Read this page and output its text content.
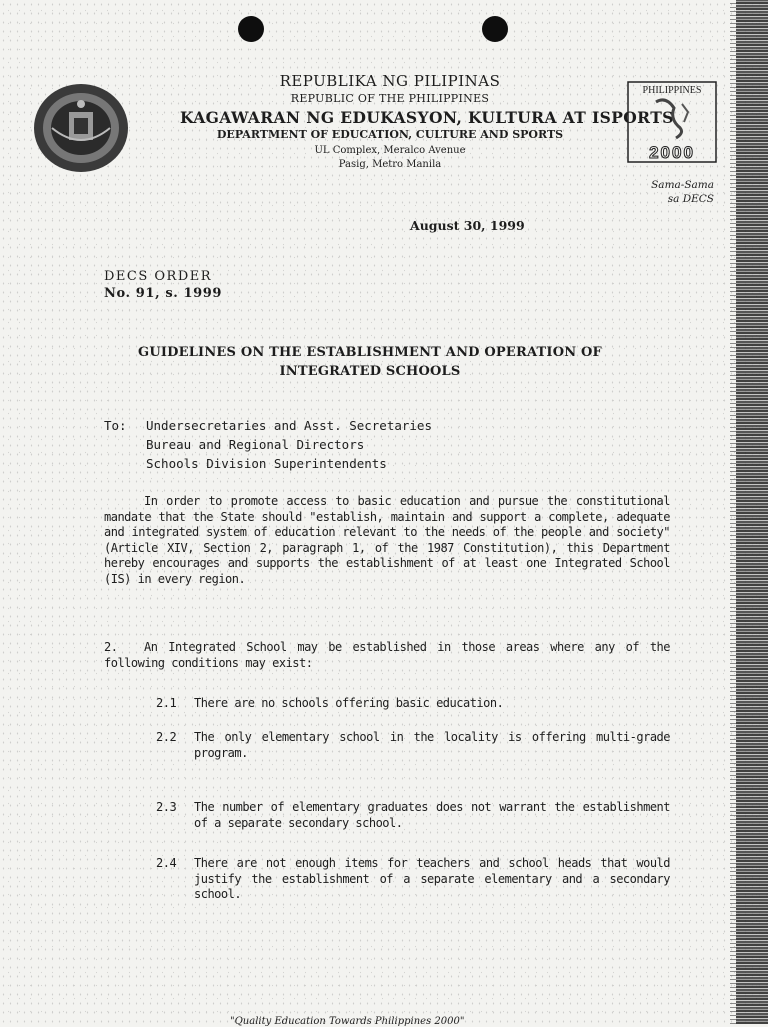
REPUBLIKA NG PILIPINAS
REPUBLIC OF THE PHILIPPINES
KAGAWARAN NG EDUKASYON, KULTURA AT ISPORTS
DEPARTMENT OF EDUCATION, CULTURE AND SPORTS
UL Complex, Meralco Avenue
Pasig, Metro Manila
PHILIPPINES
2000
Sama-Sama
sa DECS
August 30, 1999
DECS ORDER
No. 91, s. 1999
GUIDELINES ON THE ESTABLISHMENT AND OPERATION OF
INTEGRATED SCHOOLS
To: Undersecretaries and Asst. Secretaries
Bureau and Regional Directors
Schools Division Superintendents
In order to promote access to basic education and pursue the constitutional mandate that the State should "establish, maintain and support a complete, adequate and integrated system of education relevant to the needs of the people and society" (Article XIV, Section 2, paragraph 1, of the 1987 Constitution), this Department hereby encourages and supports the establishment of at least one Integrated School (IS) in every region.
2. An Integrated School may be established in those areas where any of the following conditions may exist:
2.1 There are no schools offering basic education.
2.2 The only elementary school in the locality is offering multi-grade program.
2.3 The number of elementary graduates does not warrant the establishment of a separate secondary school.
2.4 There are not enough items for teachers and school heads that would justify the establishment of a separate elementary and a secondary school.
"Quality Education Towards Philippines 2000"
